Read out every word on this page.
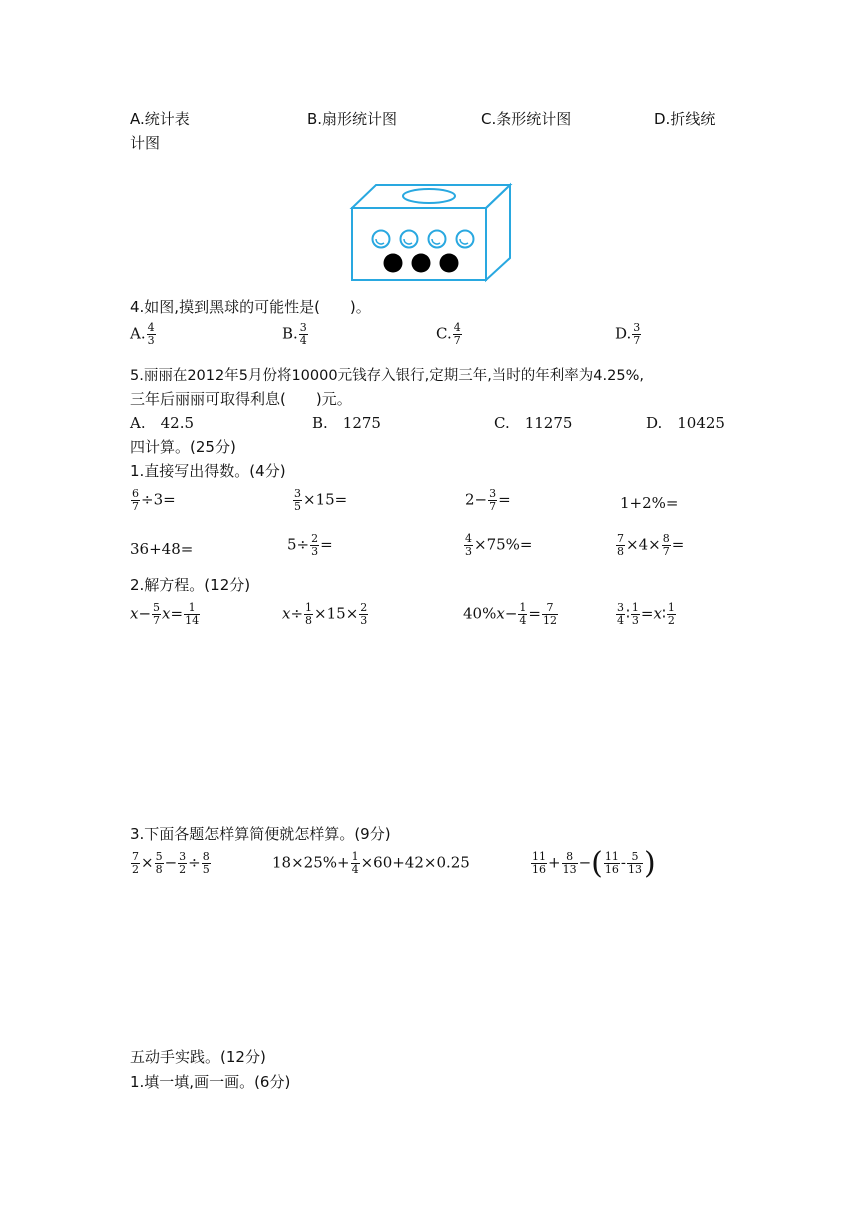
A.统计表	B.扇形统计图	C.条形统计图	D.折线统
计图
4.如图,摸到黑球的可能性是(　　)。
A. $\frac{4}{3}$	B. $\frac{3}{4}$	C. $\frac{4}{7}$	D. $\frac{3}{7}$
5.丽丽在2012年5月份将10000元钱存入银行,定期三年,当时的年利率为4.25%,
三年后丽丽可取得利息(　　)元。
A.　42.5	B.　1275	C.　11275	D.　10425
四计算。(25分)
1.直接写出得数。(4分)
$\frac{6}{7} \div 3=$	$\frac{3}{5} \times 15=$	$2- \frac{3}{7}$ =	1+2%=
36+48=	$5\div \frac{2}{3}$ =	$\frac{4}{3} \times 75\%=$	$\frac{7}{8} \times 4\times \frac{8}{7}$ =
2.解方程。(12分)
$x- \frac{5}{7} x= \frac{1}{14}$	$x\div \frac{1}{8} \times 15\times \frac{2}{3}$	$40\%x- \frac{1}{4} = \frac{7}{12}$	$\frac{3}{4}$ ∶ $\frac{1}{3}$ =x∶ $\frac{1}{2}$
3.下面各题怎样算简便就怎样算。(9分)
$\frac{7}{2} \times \frac{5}{8} - \frac{3}{2} \div \frac{8}{5}$	$18\times 25\%+ \frac{1}{4} \times 60+42\times 0.25$	$\frac{11}{16} + \frac{8}{13}$ −( $\frac{11}{16} - \frac{5}{13}$ )
五动手实践。(12分)
1.填一填,画一画。(6分)
